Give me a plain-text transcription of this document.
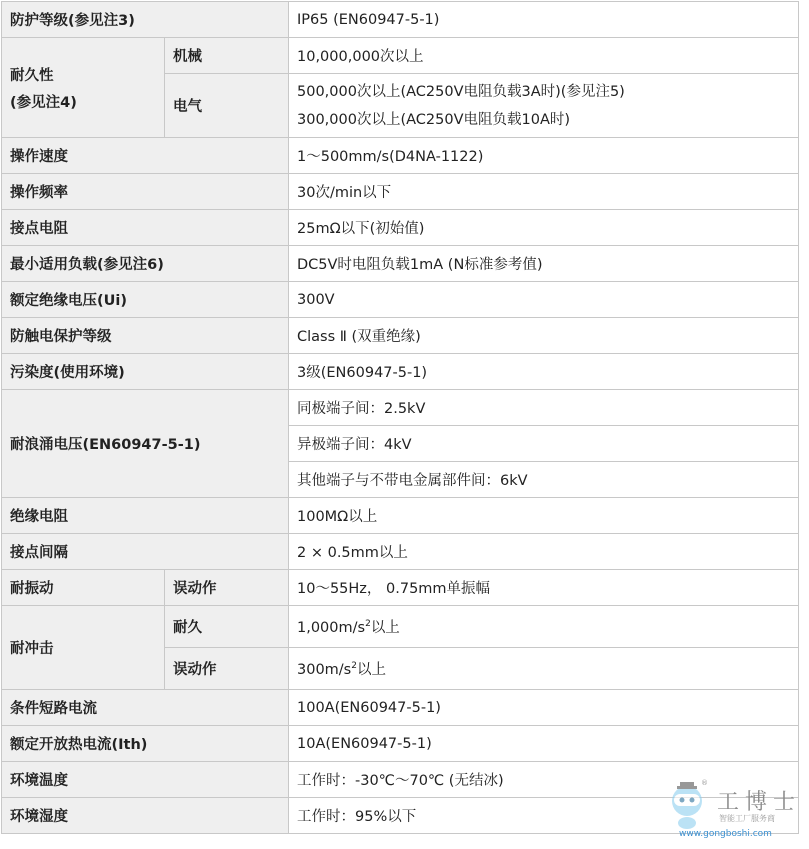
防护等级(参见注3)		IP65 (EN60947-5-1)

耐久性
(参见注4)	机械	10,000,000次以上
	电气	500,000次以上(AC250V电阻负载3A时)(参见注5)
300,000次以上(AC250V电阻负载10A时)

操作速度		1～500mm/s(D4NA-1122)
操作频率		30次/min以下
接点电阻		25mΩ以下(初始值)
最小适用负载(参见注6)		DC5V时电阻负载1mA (N标准参考值)
额定绝缘电压(Ui)		300V
防触电保护等级		Class Ⅱ (双重绝缘)
污染度(使用环境)		3级(EN60947-5-1)
耐浪涌电压(EN60947-5-1)		同极端子间：2.5kV
		异极端子间：4kV
		其他端子与不带电金属部件间：6kV
绝缘电阻		100MΩ以上
接点间隔		2 × 0.5mm以上
耐振动	误动作	10～55Hz， 0.75mm单振幅
耐冲击	耐久	$1,000m/s^2$以上
	误动作	$300m/s^2$以上
条件短路电流		100A(EN60947-5-1)
额定开放热电流(Ith)		10A(EN60947-5-1)
环境温度		工作时：-30℃～70℃ (无结冰)
环境湿度		工作时：95%以下
工博士
®
智能工厂服务商
www.gongboshi.com
